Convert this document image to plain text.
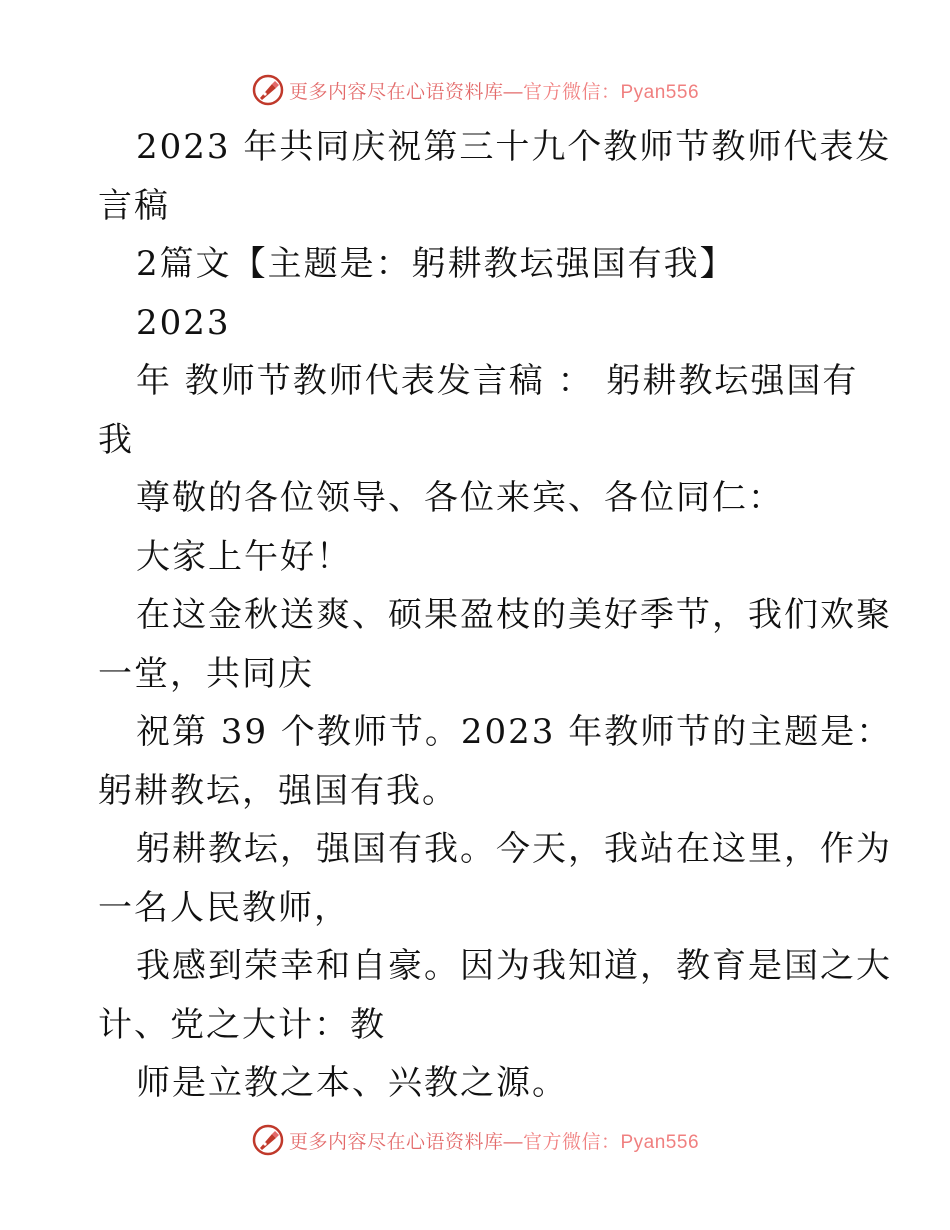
更多内容尽在心语资料库—官方微信：Pyan556
2023 年共同庆祝第三十九个教师节教师代表发
言稿
2篇文【主题是：躬耕教坛强国有我】
2023
年 教师节教师代表发言稿 ： 躬耕教坛强国有
我
尊敬的各位领导、各位来宾、各位同仁：
大家上午好！
在这金秋送爽、硕果盈枝的美好季节，我们欢聚
一堂，共同庆
祝第 39 个教师节。2023 年教师节的主题是：
躬耕教坛，强国有我。
躬耕教坛，强国有我。今天，我站在这里，作为
一名人民教师，
我感到荣幸和自豪。因为我知道，教育是国之大
计、党之大计：教
师是立教之本、兴教之源。
更多内容尽在心语资料库—官方微信：Pyan556
